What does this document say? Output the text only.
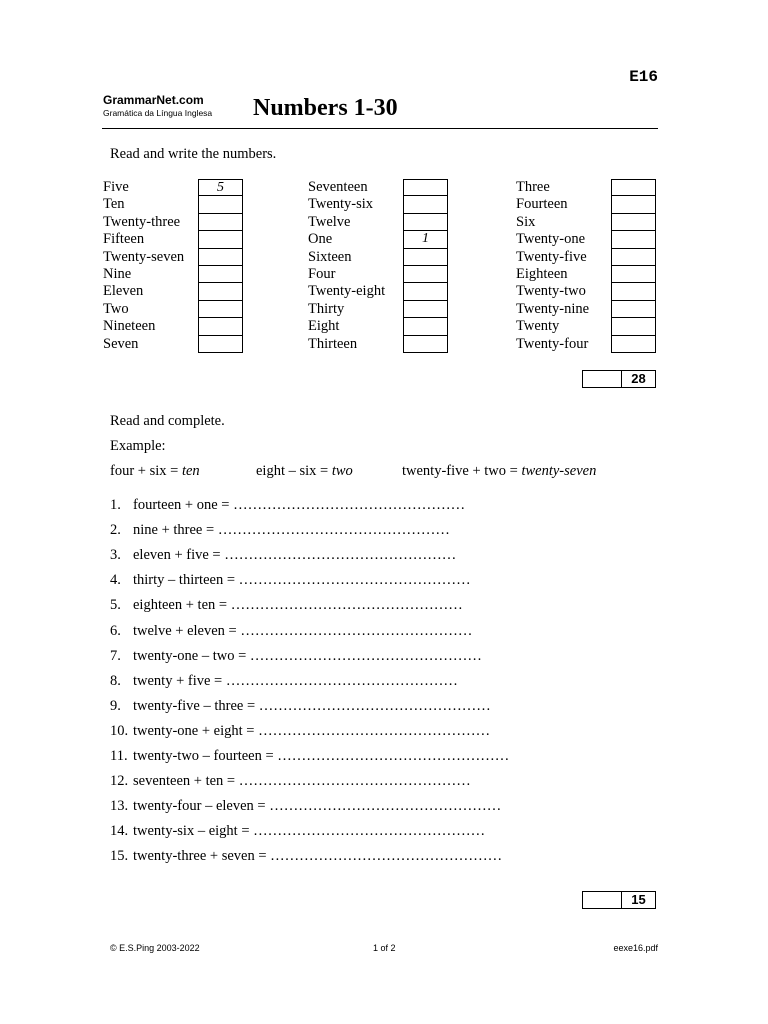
E16
GrammarNet.com
Gramática da Língua Inglesa Numbers 1-30
Read and write the numbers.
Five	5
Ten
Twenty-three
Fifteen
Twenty-seven
Nine
Eleven
Two
Nineteen
Seven
Seventeen
Twenty-six
Twelve
One	1
Sixteen
Four
Twenty-eight
Thirty
Eight
Thirteen
Three
Fourteen
Six
Twenty-one
Twenty-five
Eighteen
Twenty-two
Twenty-nine
Twenty
Twenty-four
28
Read and complete.
Example:
four + six = ten	eight – six = two	twenty-five + two = twenty-seven
1. fourteen + one = …………………………………………
2. nine + three = …………………………………………
3. eleven + five = …………………………………………
4. thirty – thirteen = …………………………………………
5. eighteen + ten = …………………………………………
6. twelve + eleven = …………………………………………
7. twenty-one – two = …………………………………………
8. twenty + five = …………………………………………
9. twenty-five – three = …………………………………………
10. twenty-one + eight = …………………………………………
11. twenty-two – fourteen = …………………………………………
12. seventeen + ten = …………………………………………
13. twenty-four – eleven = …………………………………………
14. twenty-six – eight = …………………………………………
15. twenty-three + seven = …………………………………………
15
© E.S.Ping 2003-2022	1 of 2	eexe16.pdf
